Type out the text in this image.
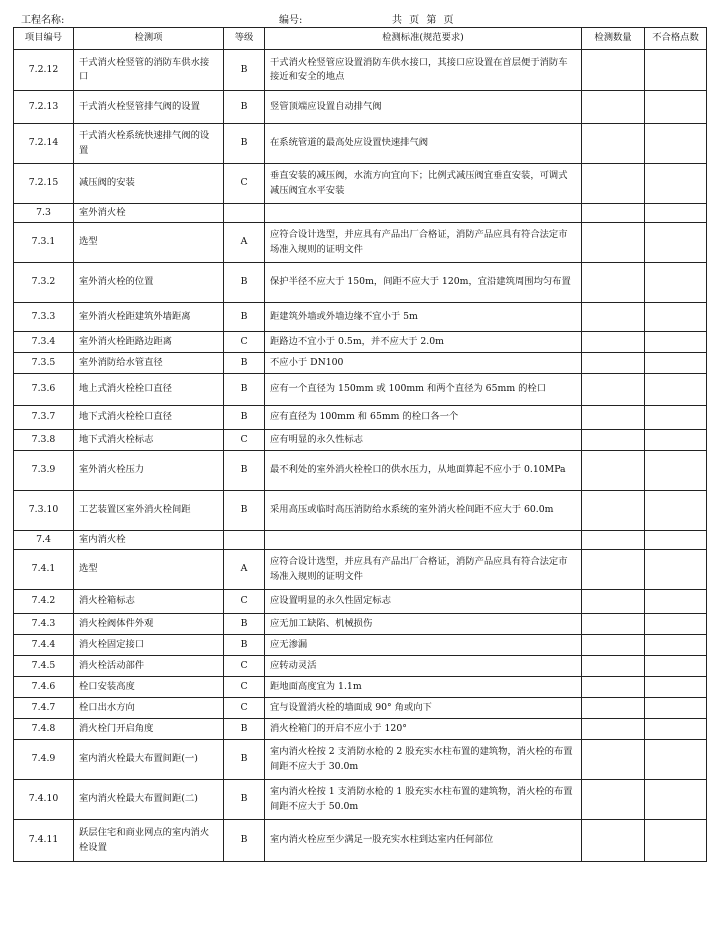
工程名称:	编号:	共 页 第 页
项目编号	检测项	等级	检测标准(规范要求)	检测数量	不合格点数
7.2.12	干式消火栓竖管的消防车供水接口	B	干式消火栓竖管应设置消防车供水接口，其接口应设置在首层便于消防车接近和安全的地点		
7.2.13	干式消火栓竖管排气阀的设置	B	竖管顶端应设置自动排气阀		
7.2.14	干式消火栓系统快速排气阀的设置	B	在系统管道的最高处应设置快速排气阀		
7.2.15	减压阀的安装	C	垂直安装的减压阀，水流方向宜向下；比例式减压阀宜垂直安装，可调式减压阀宜水平安装		
7.3	室外消火栓				
7.3.1	选型	A	应符合设计选型，并应具有产品出厂合格证，消防产品应具有符合法定市场准入规则的证明文件		
7.3.2	室外消火栓的位置	B	保护半径不应大于 150m，间距不应大于 120m，宜沿建筑周围均匀布置		
7.3.3	室外消火栓距建筑外墙距离	B	距建筑外墙或外墙边缘不宜小于 5m		
7.3.4	室外消火栓距路边距离	C	距路边不宜小于 0.5m，并不应大于 2.0m		
7.3.5	室外消防给水管直径	B	不应小于 DN100		
7.3.6	地上式消火栓栓口直径	B	应有一个直径为 150mm 或 100mm 和两个直径为 65mm 的栓口		
7.3.7	地下式消火栓栓口直径	B	应有直径为 100mm 和 65mm 的栓口各一个		
7.3.8	地下式消火栓标志	C	应有明显的永久性标志		
7.3.9	室外消火栓压力	B	最不利处的室外消火栓栓口的供水压力，从地面算起不应小于 0.10MPa		
7.3.10	工艺装置区室外消火栓间距	B	采用高压或临时高压消防给水系统的室外消火栓间距不应大于 60.0m		
7.4	室内消火栓				
7.4.1	选型	A	应符合设计选型，并应具有产品出厂合格证，消防产品应具有符合法定市场准入规则的证明文件		
7.4.2	消火栓箱标志	C	应设置明显的永久性固定标志		
7.4.3	消火栓阀体件外观	B	应无加工缺陷、机械损伤		
7.4.4	消火栓固定接口	B	应无渗漏		
7.4.5	消火栓活动部件	C	应转动灵活		
7.4.6	栓口安装高度	C	距地面高度宜为 1.1m		
7.4.7	栓口出水方向	C	宜与设置消火栓的墙面成 90° 角或向下		
7.4.8	消火栓门开启角度	B	消火栓箱门的开启不应小于 120°		
7.4.9	室内消火栓最大布置间距(一)	B	室内消火栓按 2 支消防水枪的 2 股充实水柱布置的建筑物，消火栓的布置间距不应大于 30.0m		
7.4.10	室内消火栓最大布置间距(二)	B	室内消火栓按 1 支消防水枪的 1 股充实水柱布置的建筑物，消火栓的布置间距不应大于 50.0m		
7.4.11	跃层住宅和商业网点的室内消火栓设置	B	室内消火栓应至少满足一股充实水柱到达室内任何部位		
